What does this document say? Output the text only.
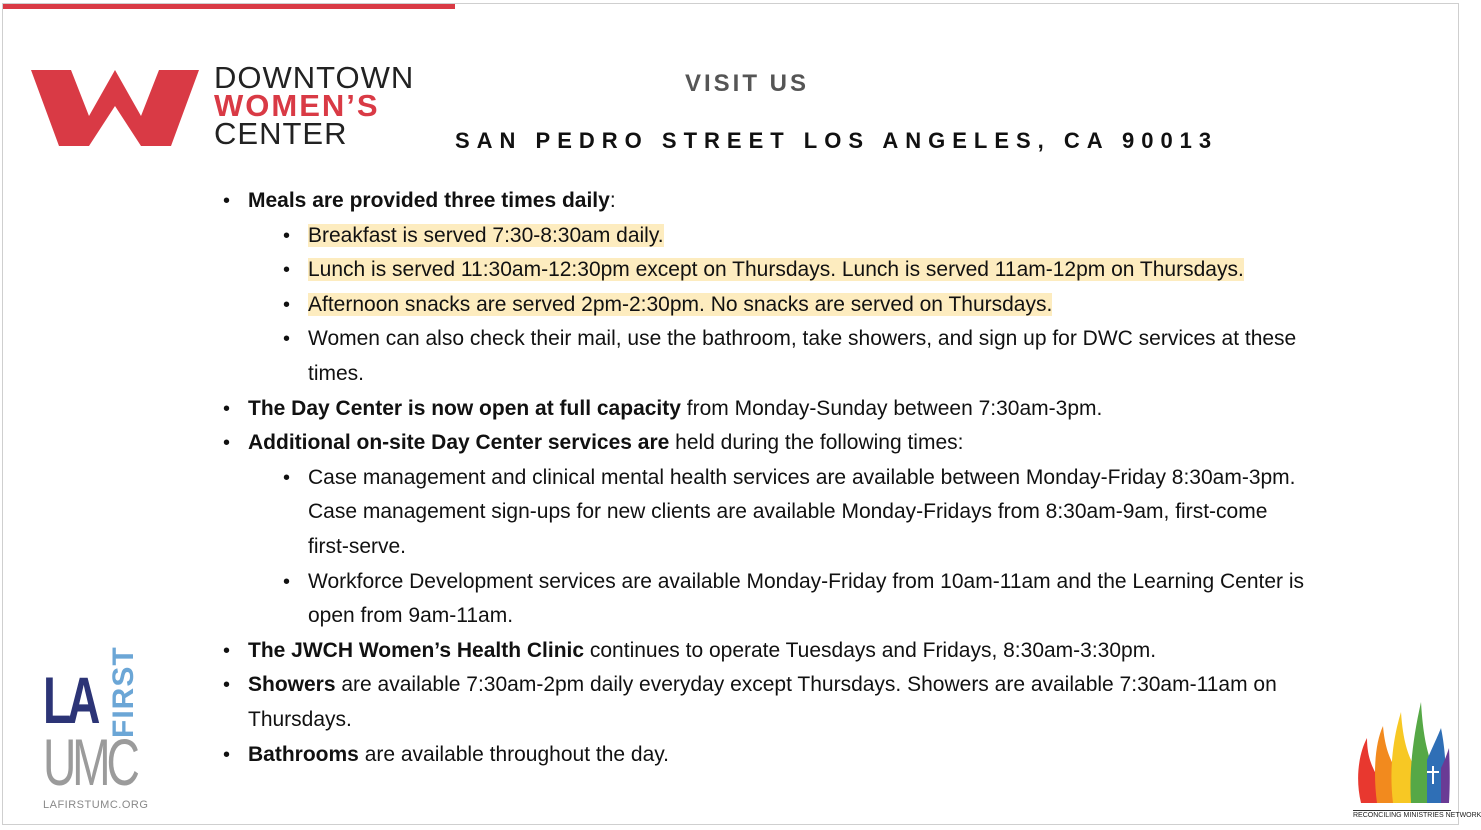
DOWNTOWN
WOMEN’S
CENTER
VISIT US
SAN PEDRO STREET LOS ANGELES, CA 90013
• Meals are provided three times daily:
• Breakfast is served 7:30-8:30am daily.
• Lunch is served 11:30am-12:30pm except on Thursdays. Lunch is served 11am-12pm on Thursdays.
• Afternoon snacks are served 2pm-2:30pm. No snacks are served on Thursdays.
• Women can also check their mail, use the bathroom, take showers, and sign up for DWC services at these times.
• The Day Center is now open at full capacity from Monday-Sunday between 7:30am-3pm.
• Additional on-site Day Center services are held during the following times:
• Case management and clinical mental health services are available between Monday-Friday 8:30am-3pm. Case management sign-ups for new clients are available Monday-Fridays from 8:30am-9am, first-come first-serve.
• Workforce Development services are available Monday-Friday from 10am-11am and the Learning Center is open from 9am-11am.
• The JWCH Women’s Health Clinic continues to operate Tuesdays and Fridays, 8:30am-3:30pm.
• Showers are available 7:30am-2pm daily everyday except Thursdays. Showers are available 7:30am-11am on Thursdays.
• Bathrooms are available throughout the day.
LA FIRST
UMC
LAFIRSTUMC.ORG
RECONCILING MINISTRIES NETWORK
